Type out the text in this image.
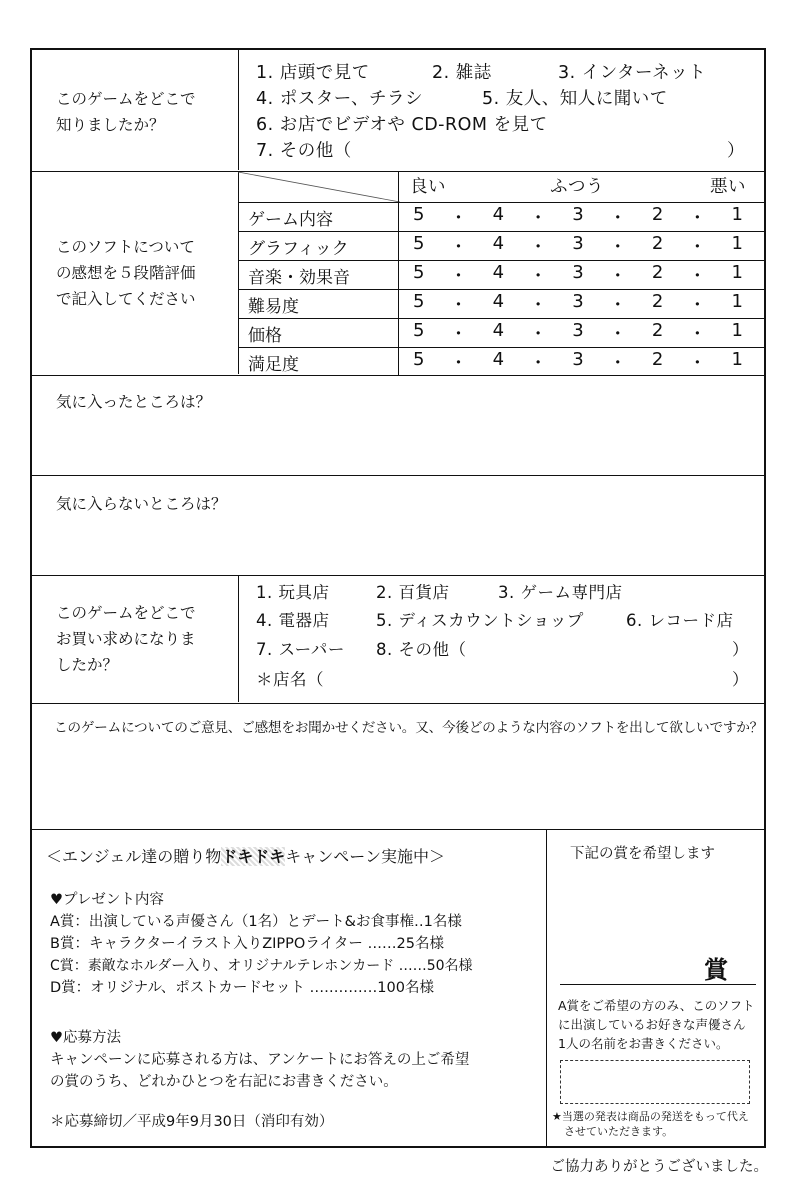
このゲームをどこで
知りましたか？
1. 店頭で見て	2. 雑誌	3. インターネット
4. ポスター、チラシ	5. 友人、知人に聞いて
6. お店でビデオや CD-ROM を見て
7. その他（	）
このソフトについて
の感想を５段階評価
で記入してください
良い	ふつう	悪い
ゲーム内容	5 ・ 4 ・ 3 ・ 2 ・ 1
グラフィック	5 ・ 4 ・ 3 ・ 2 ・ 1
音楽・効果音	5 ・ 4 ・ 3 ・ 2 ・ 1
難易度	5 ・ 4 ・ 3 ・ 2 ・ 1
価格	5 ・ 4 ・ 3 ・ 2 ・ 1
満足度	5 ・ 4 ・ 3 ・ 2 ・ 1
気に入ったところは？
気に入らないところは？
このゲームをどこで
お買い求めになりま
したか？
1. 玩具店	2. 百貨店	3. ゲーム専門店
4. 電器店	5. ディスカウントショップ	6. レコード店
7. スーパー 8. その他（	）
＊店名（	）
このゲームについてのご意見、ご感想をお聞かせください。又、今後どのような内容のソフトを出して欲しいですか？
＜エンジェル達の贈り物ドキドキキャンペーン実施中＞
♥プレゼント内容
A賞：出演している声優さん（1名）とデート&お食事権‥1名様
B賞：キャラクターイラスト入りZIPPOライター ‥‥‥25名様
C賞：素敵なホルダー入り、オリジナルテレホンカード ‥‥‥50名様
D賞：オリジナル、ポストカードセット ‥‥‥‥‥‥‥100名様
♥応募方法
キャンペーンに応募される方は、アンケートにお答えの上ご希望
の賞のうち、どれかひとつを右記にお書きください。
＊応募締切／平成9年9月30日（消印有効）
下記の賞を希望します
賞
A賞をご希望の方のみ、このソフト
に出演しているお好きな声優さん
1人の名前をお書きください。
★当選の発表は商品の発送をもって代え
させていただきます。
ご協力ありがとうございました。
